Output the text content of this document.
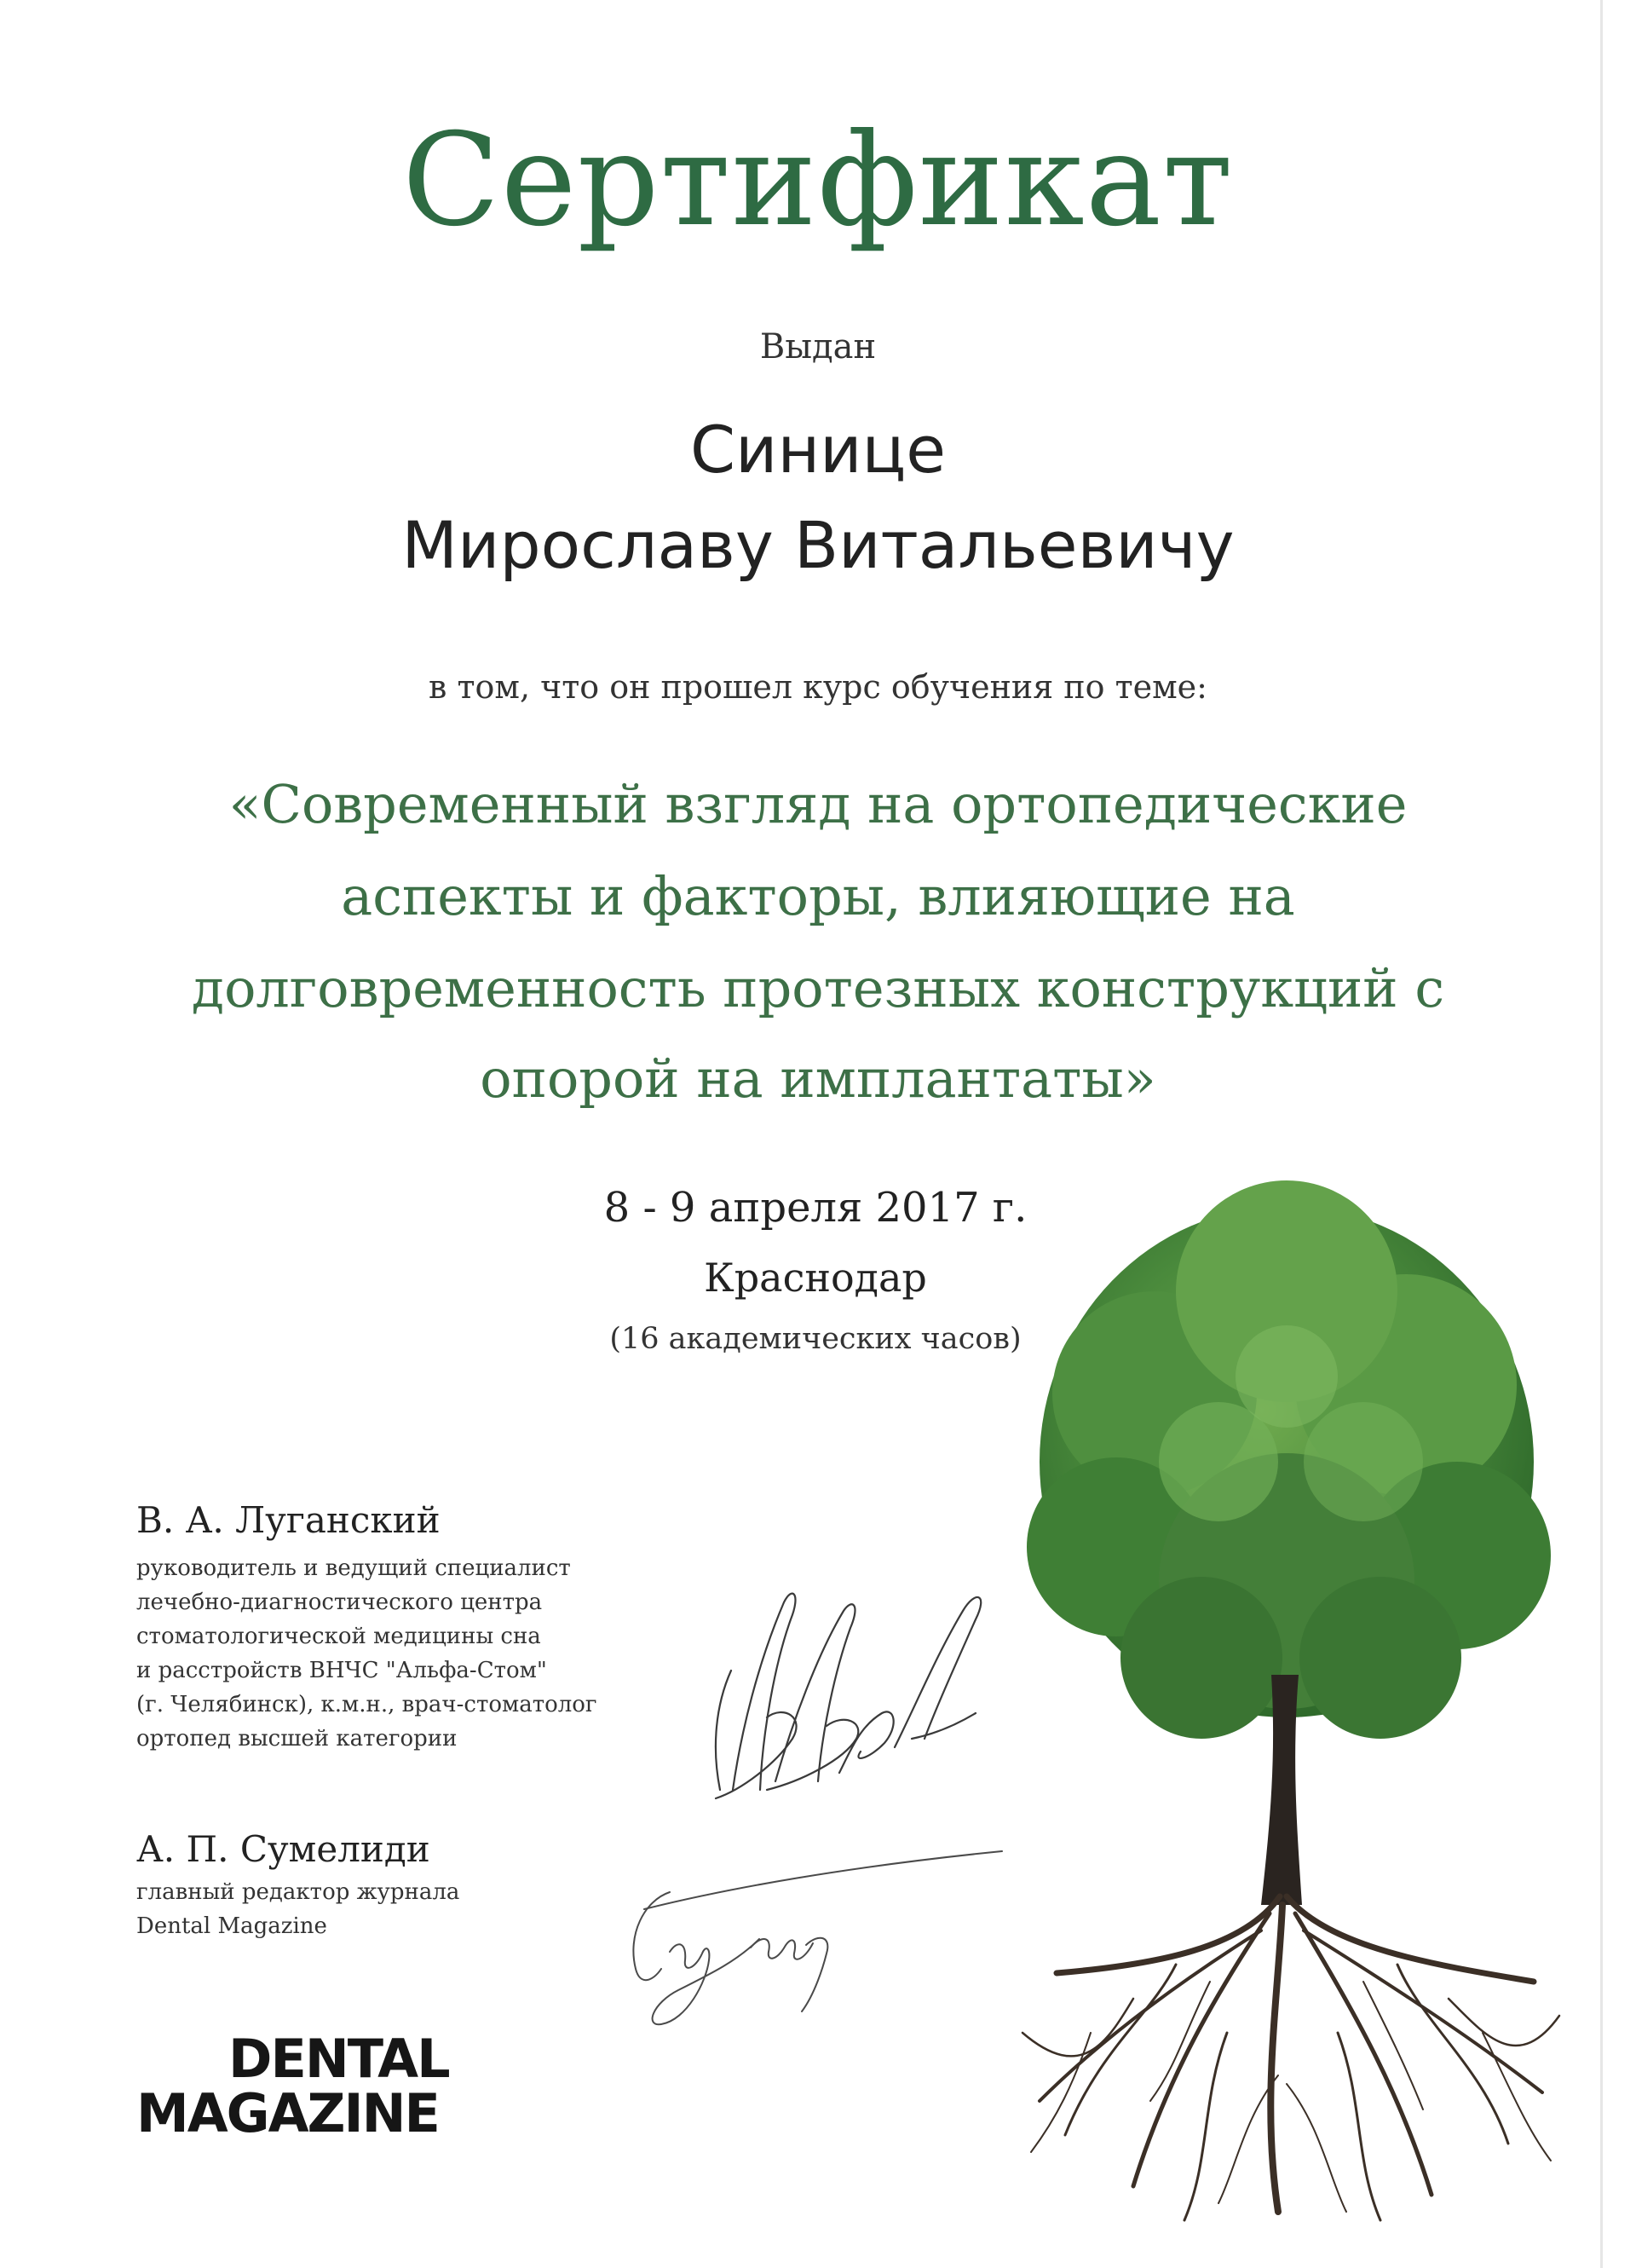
Сертификат
Выдан
Синице
Мирославу Витальевичу
в том, что он прошел курс обучения по теме:
«Современный взгляд на ортопедические
аспекты и факторы, влияющие на
долговременность протезных конструкций с
опорой на имплантаты»
8 - 9 апреля 2017 г.
Краснодар
(16 академических часов)
В. А. Луганский
руководитель и ведущий специалист
лечебно-диагностического центра
стоматологической медицины сна
и расстройств ВНЧС "Альфа-Стом"
(г. Челябинск), к.м.н., врач-стоматолог
ортопед высшей категории
А. П. Сумелиди
главный редактор журнала
Dental Magazine
DENTAL
MAGAZINE
